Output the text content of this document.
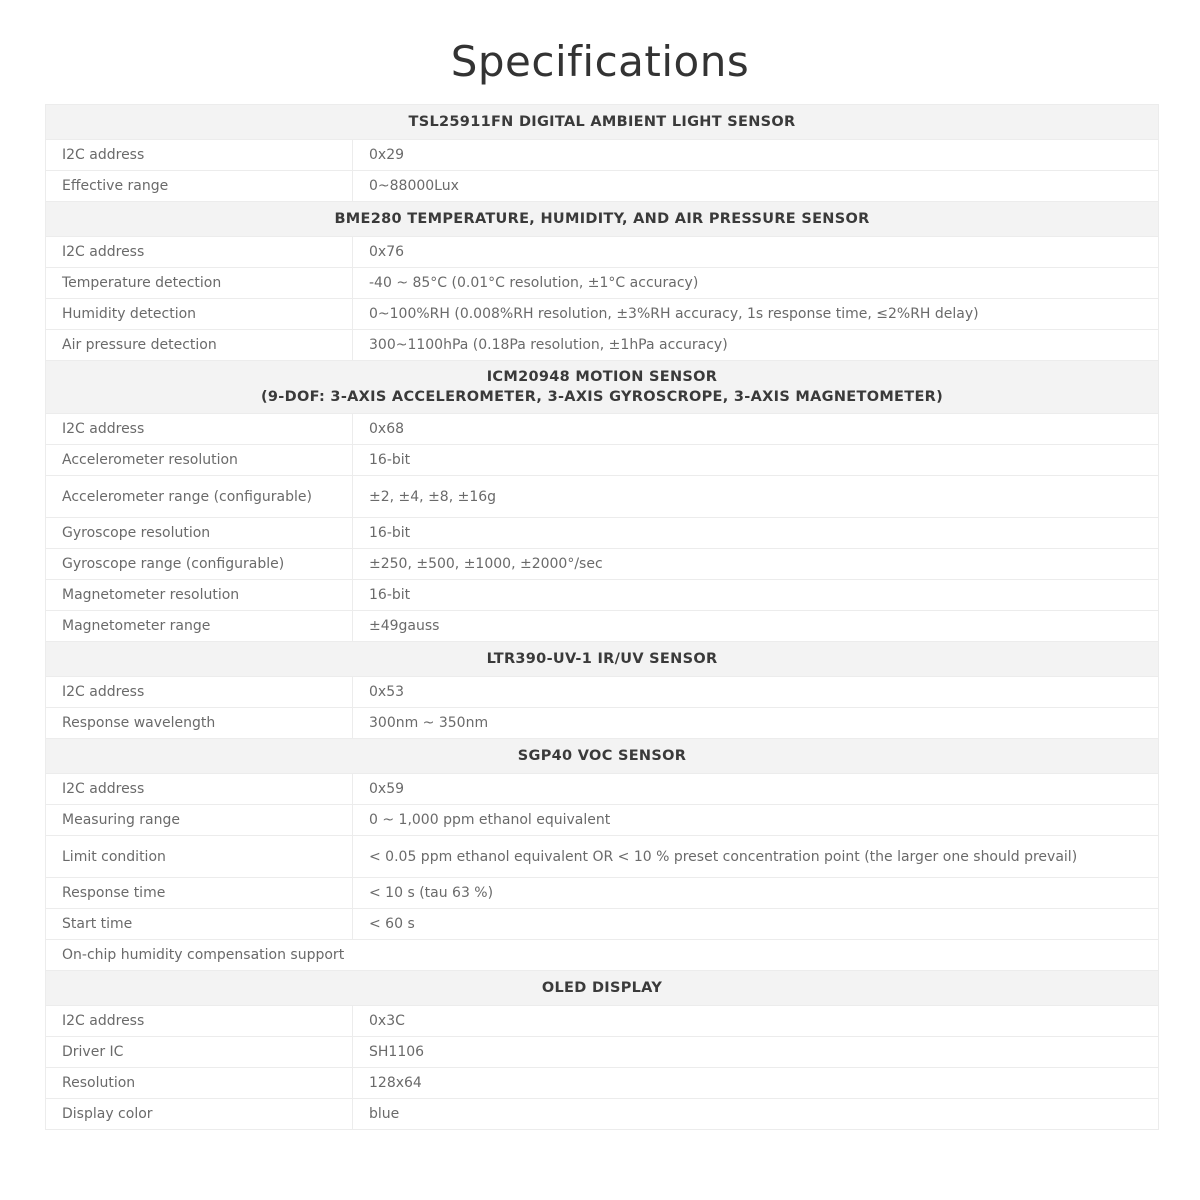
Specifications
TSL25911FN DIGITAL AMBIENT LIGHT SENSOR	

I2C address	0x29
Effective range	0~88000Lux

BME280 TEMPERATURE, HUMIDITY, AND AIR PRESSURE SENSOR	

I2C address	0x76
Temperature detection	-40 ~ 85°C (0.01°C resolution, ±1°C accuracy)
Humidity detection	0~100%RH (0.008%RH resolution, ±3%RH accuracy, 1s response time, ≤2%RH delay)
Air pressure detection	300~1100hPa (0.18Pa resolution, ±1hPa accuracy)

ICM20948 MOTION SENSOR
(9-DOF: 3-AXIS ACCELEROMETER, 3-AXIS GYROSCROPE, 3-AXIS MAGNETOMETER)	

I2C address	0x68
Accelerometer resolution	16-bit
Accelerometer range (configurable)	±2, ±4, ±8, ±16g
Gyroscope resolution	16-bit
Gyroscope range (configurable)	±250, ±500, ±1000, ±2000°/sec
Magnetometer resolution	16-bit
Magnetometer range	±49gauss

LTR390-UV-1 IR/UV SENSOR	

I2C address	0x53
Response wavelength	300nm ~ 350nm

SGP40 VOC SENSOR	

I2C address	0x59
Measuring range	0 ~ 1,000 ppm ethanol equivalent
Limit condition	< 0.05 ppm ethanol equivalent OR < 10 % preset concentration point (the larger one should prevail)
Response time	< 10 s (tau 63 %)
Start time	< 60 s
On-chip humidity compensation support	

OLED DISPLAY	

I2C address	0x3C
Driver IC	SH1106
Resolution	128x64
Display color	blue
